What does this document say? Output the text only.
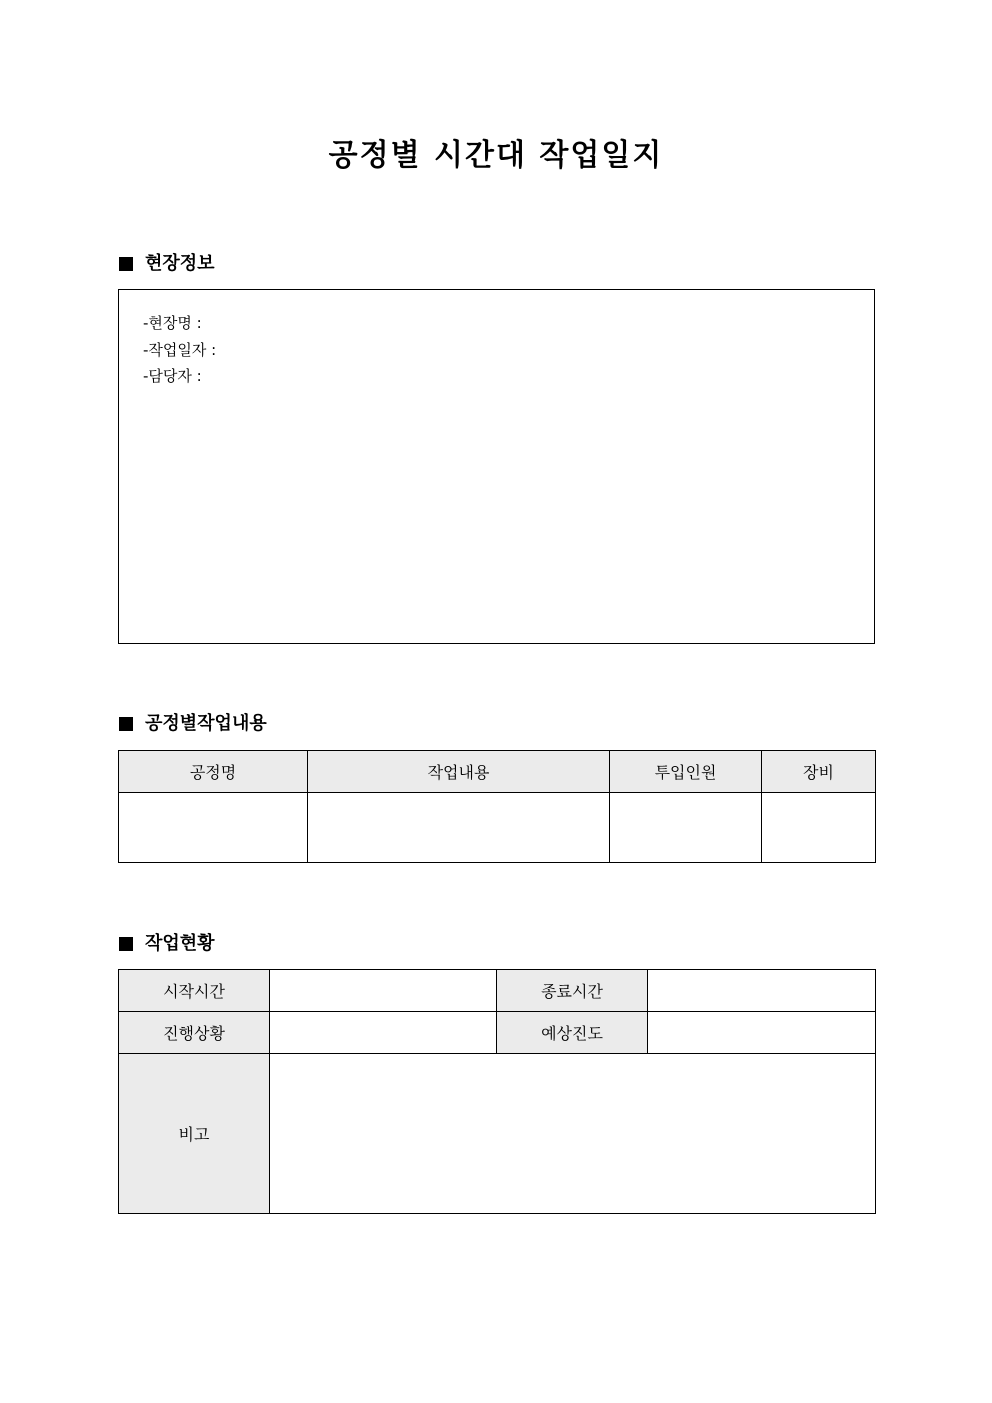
공정별 시간대 작업일지
현장정보
-현장명 :
-작업일자 :
-담당자 :
공정별작업내용
공정명	작업내용	투입인원	장비

작업현황
시작시간		종료시간	
진행상황		예상진도	
비고			
